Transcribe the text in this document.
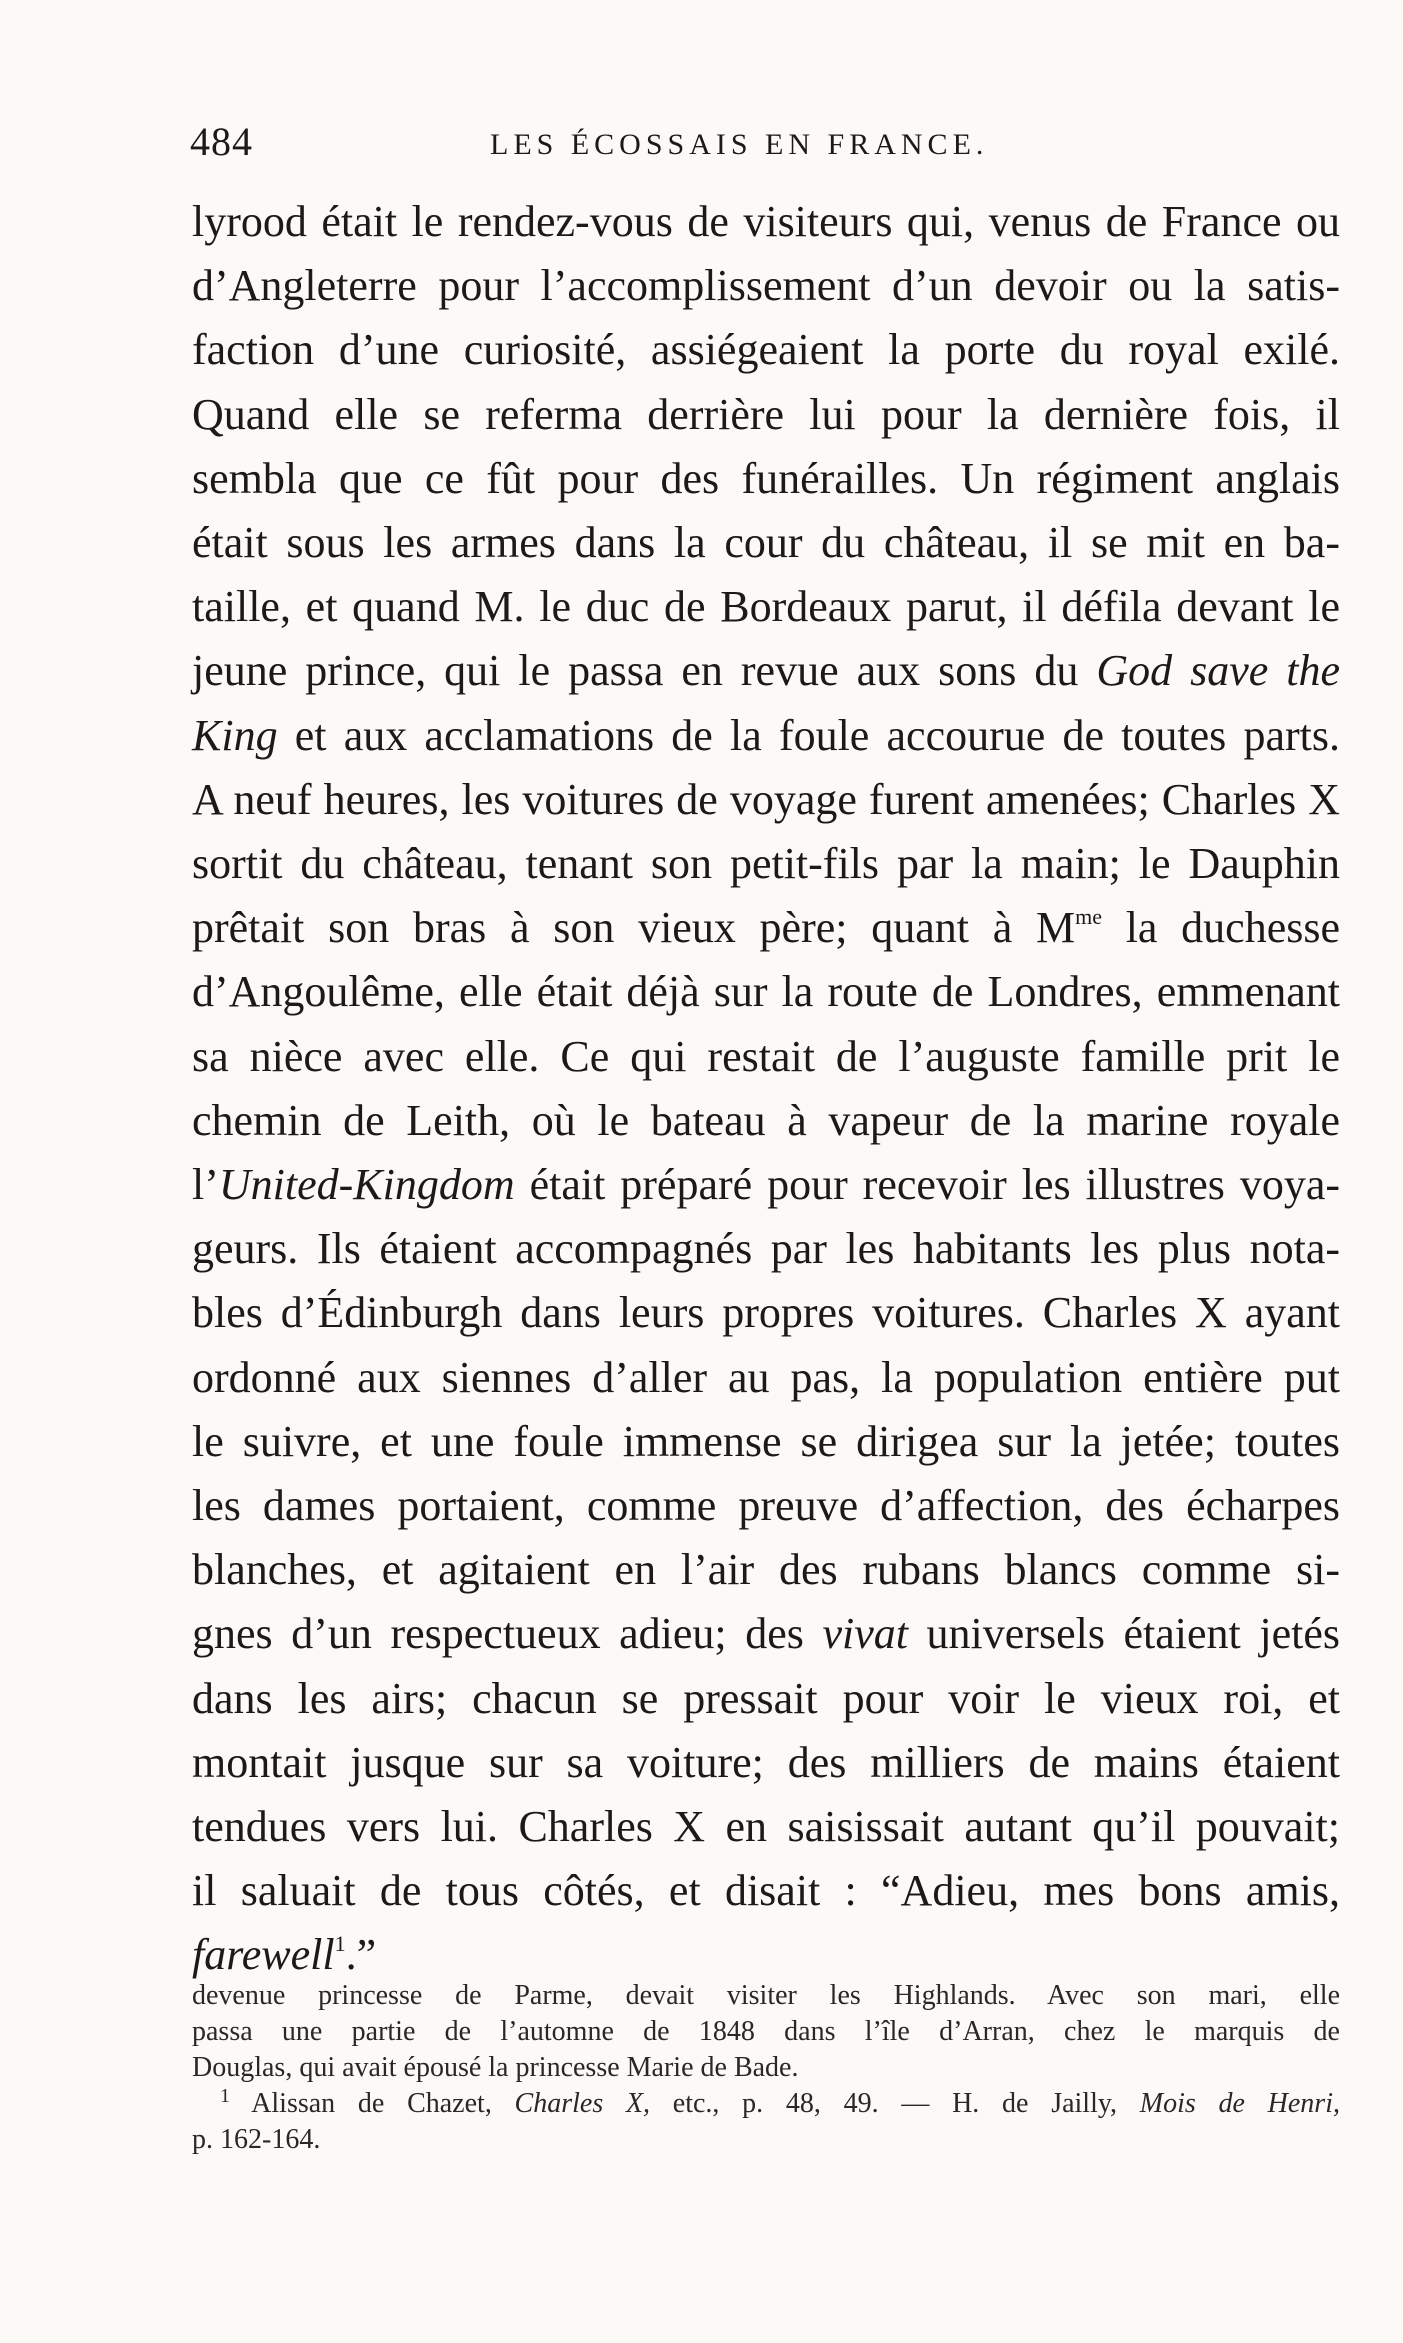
484	LES ÉCOSSAIS EN FRANCE.
lyrood était le rendez-vous de visiteurs qui, venus de France ou
d’Angleterre pour l’accomplissement d’un devoir ou la satis-
faction d’une curiosité, assiégeaient la porte du royal exilé.
Quand elle se referma derrière lui pour la dernière fois, il
sembla que ce fût pour des funérailles. Un régiment anglais
était sous les armes dans la cour du château, il se mit en ba-
taille, et quand M. le duc de Bordeaux parut, il défila devant le
jeune prince, qui le passa en revue aux sons du God save the
King et aux acclamations de la foule accourue de toutes parts.
A neuf heures, les voitures de voyage furent amenées; Charles X
sortit du château, tenant son petit-fils par la main; le Dauphin
prêtait son bras à son vieux père; quant à $M^{me}$ la duchesse
d’Angoulême, elle était déjà sur la route de Londres, emmenant
sa nièce avec elle. Ce qui restait de l’auguste famille prit le
chemin de Leith, où le bateau à vapeur de la marine royale
l’United-Kingdom était préparé pour recevoir les illustres voya-
geurs. Ils étaient accompagnés par les habitants les plus nota-
bles d’Édinburgh dans leurs propres voitures. Charles X ayant
ordonné aux siennes d’aller au pas, la population entière put
le suivre, et une foule immense se dirigea sur la jetée; toutes
les dames portaient, comme preuve d’affection, des écharpes
blanches, et agitaient en l’air des rubans blancs comme si-
gnes d’un respectueux adieu; des vivat universels étaient jetés
dans les airs; chacun se pressait pour voir le vieux roi, et
montait jusque sur sa voiture; des milliers de mains étaient
tendues vers lui. Charles X en saisissait autant qu’il pouvait;
il saluait de tous côtés, et disait : “Adieu, mes bons amis,
farewell$^1$.”
devenue princesse de Parme, devait visiter les Highlands. Avec son mari, elle
passa une partie de l’automne de 1848 dans l’île d’Arran, chez le marquis de
Douglas, qui avait épousé la princesse Marie de Bade.
$^1$ Alissan de Chazet, Charles X, etc., p. 48, 49. — H. de Jailly, Mois de Henri,
p. 162-164.
